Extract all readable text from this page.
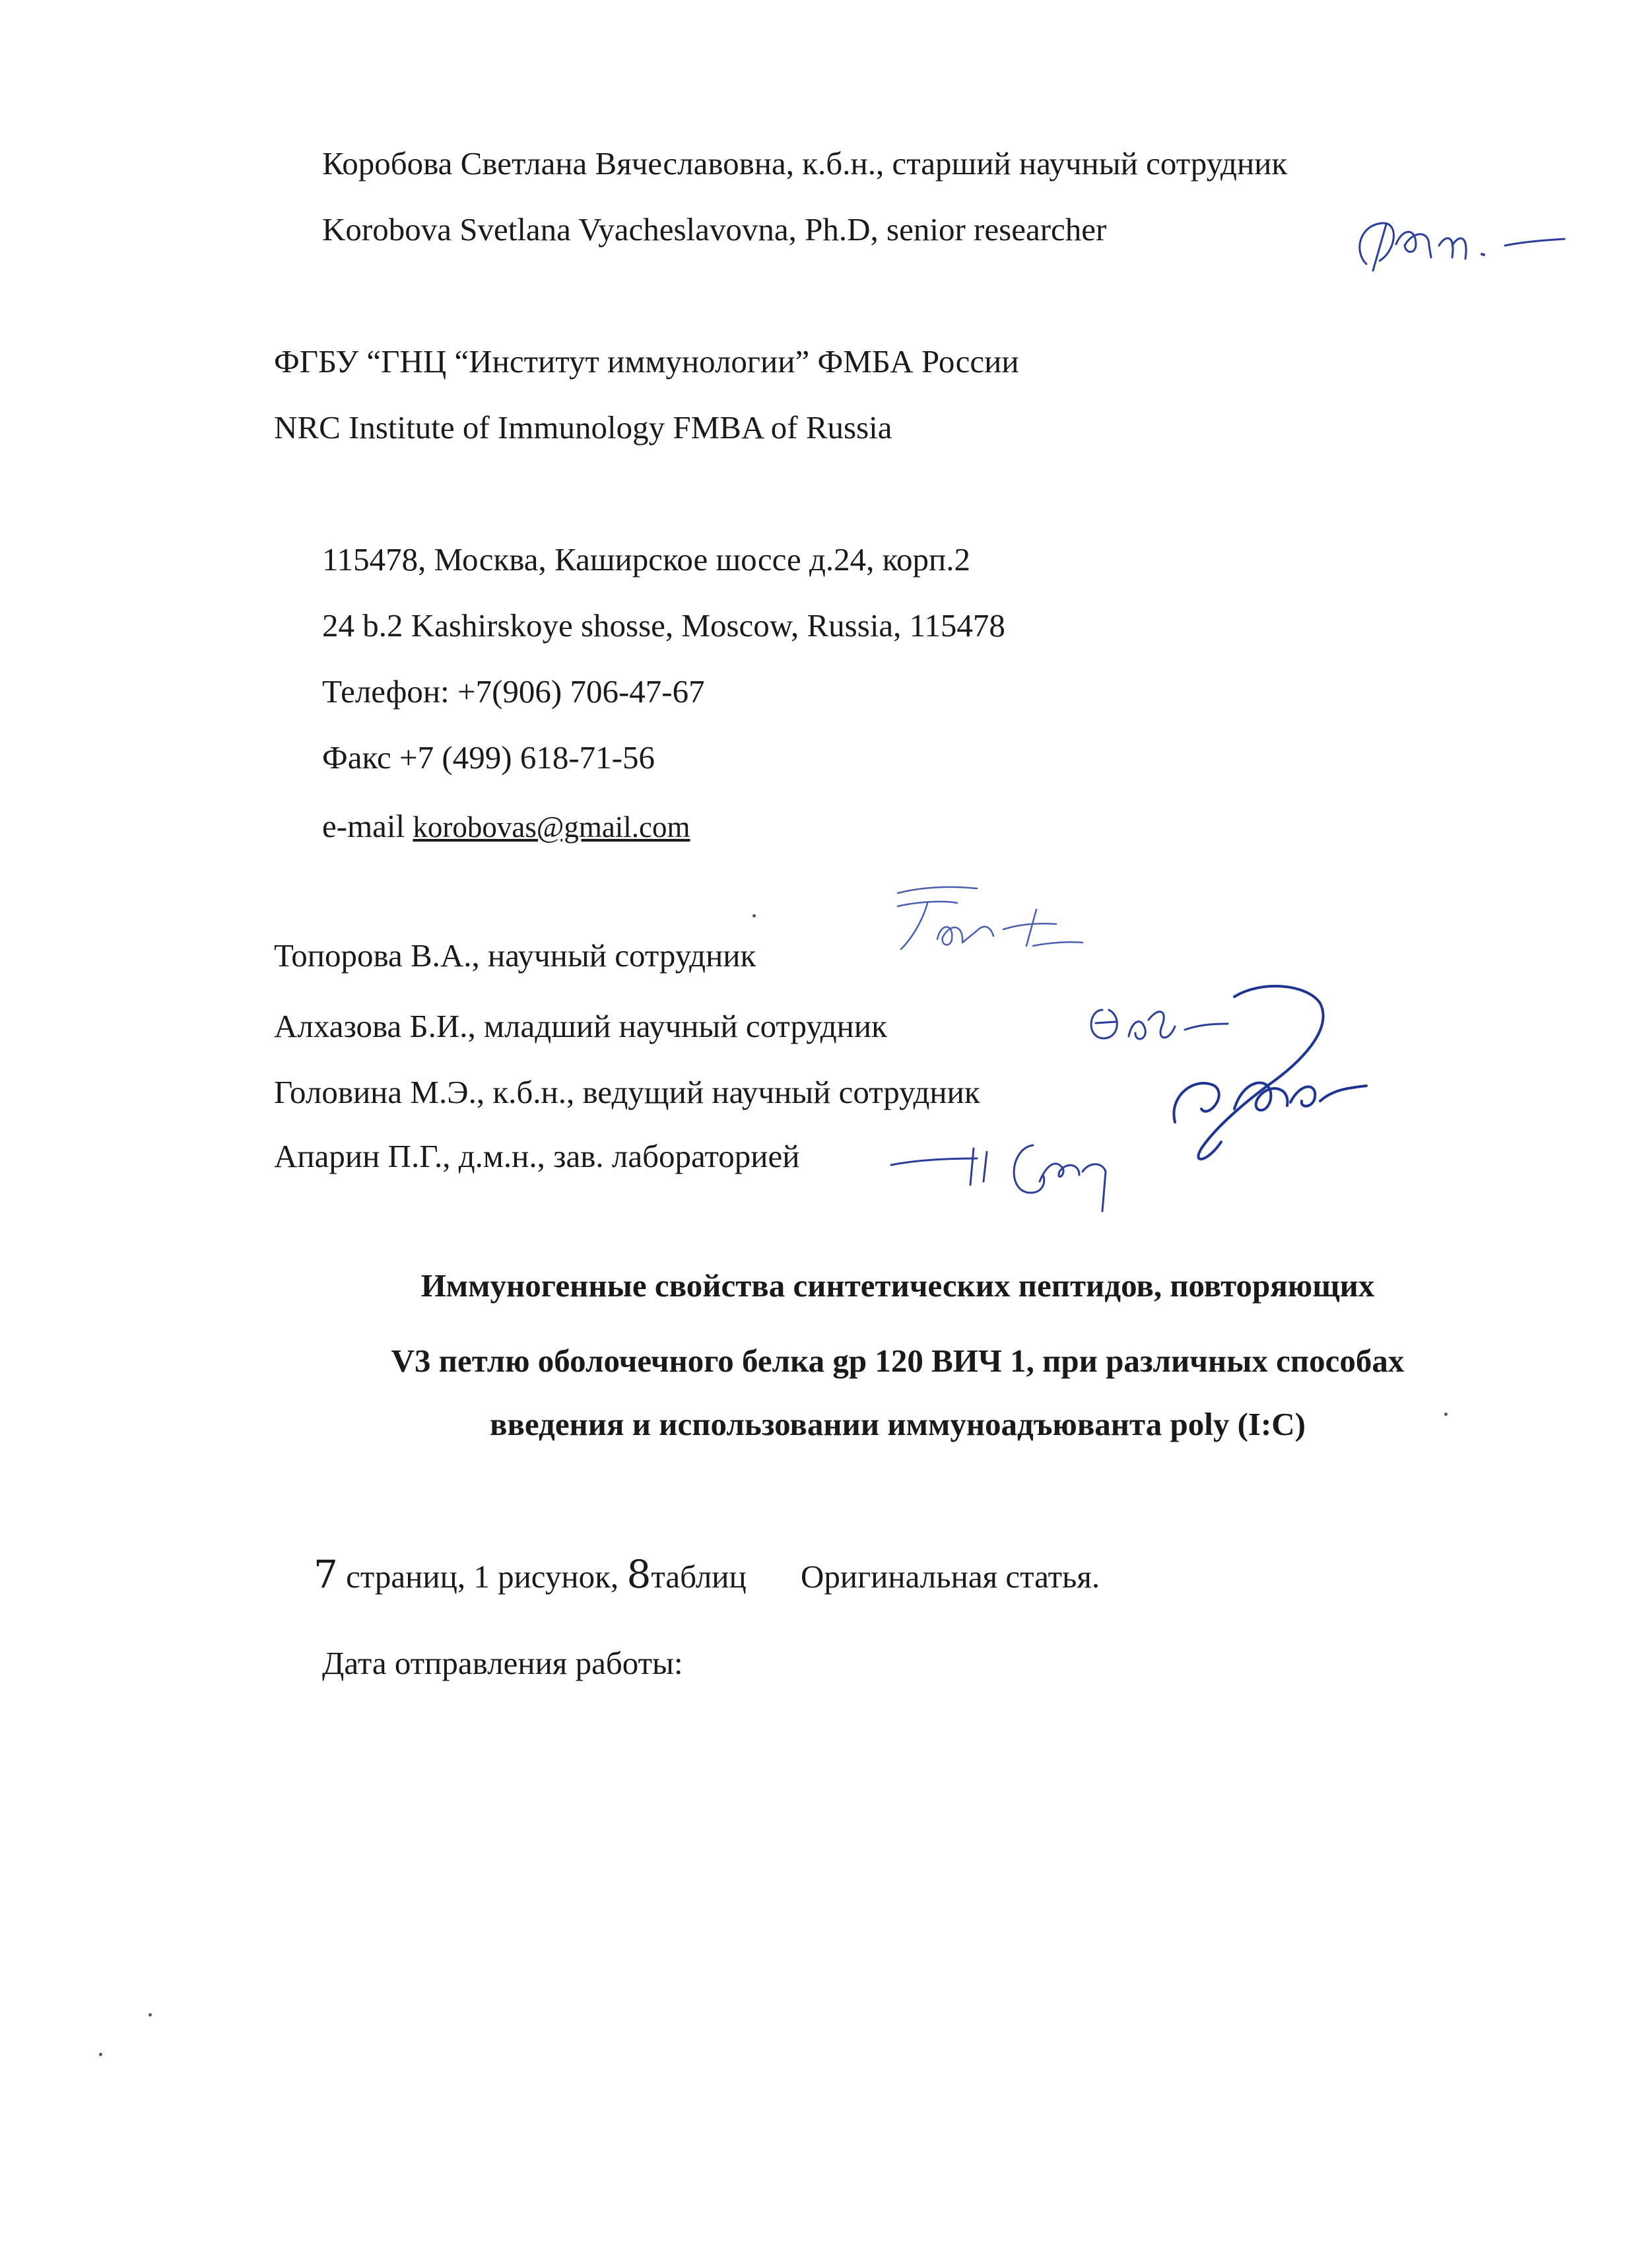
Коробова Светлана Вячеславовна, к.б.н., старший научный сотрудник

Korobova Svetlana Vyacheslavovna, Ph.D, senior researcher

ФГБУ “ГНЦ “Институт иммунологии” ФМБА России

NRC Institute of Immunology FMBA of Russia

115478, Москва, Каширское шоссе д.24, корп.2

24 b.2 Kashirskoye shosse, Moscow, Russia, 115478

Телефон: +7(906) 706-47-67

Факс +7 (499) 618-71-56

e-mail korobovas@gmail.com

Топорова В.А., научный сотрудник

Алхазова Б.И., младший научный сотрудник

Головина М.Э., к.б.н., ведущий научный сотрудник

Апарин П.Г., д.м.н., зав. лабораторией

Иммуногенные свойства синтетических пептидов, повторяющих

V3 петлю оболочечного белка gp 120 ВИЧ 1, при различных способах

введения и использовании иммуноадъюванта poly (I:C)

7 страниц, 1 рисунок, 8таблиц Оригинальная статья.

Дата отправления работы:
